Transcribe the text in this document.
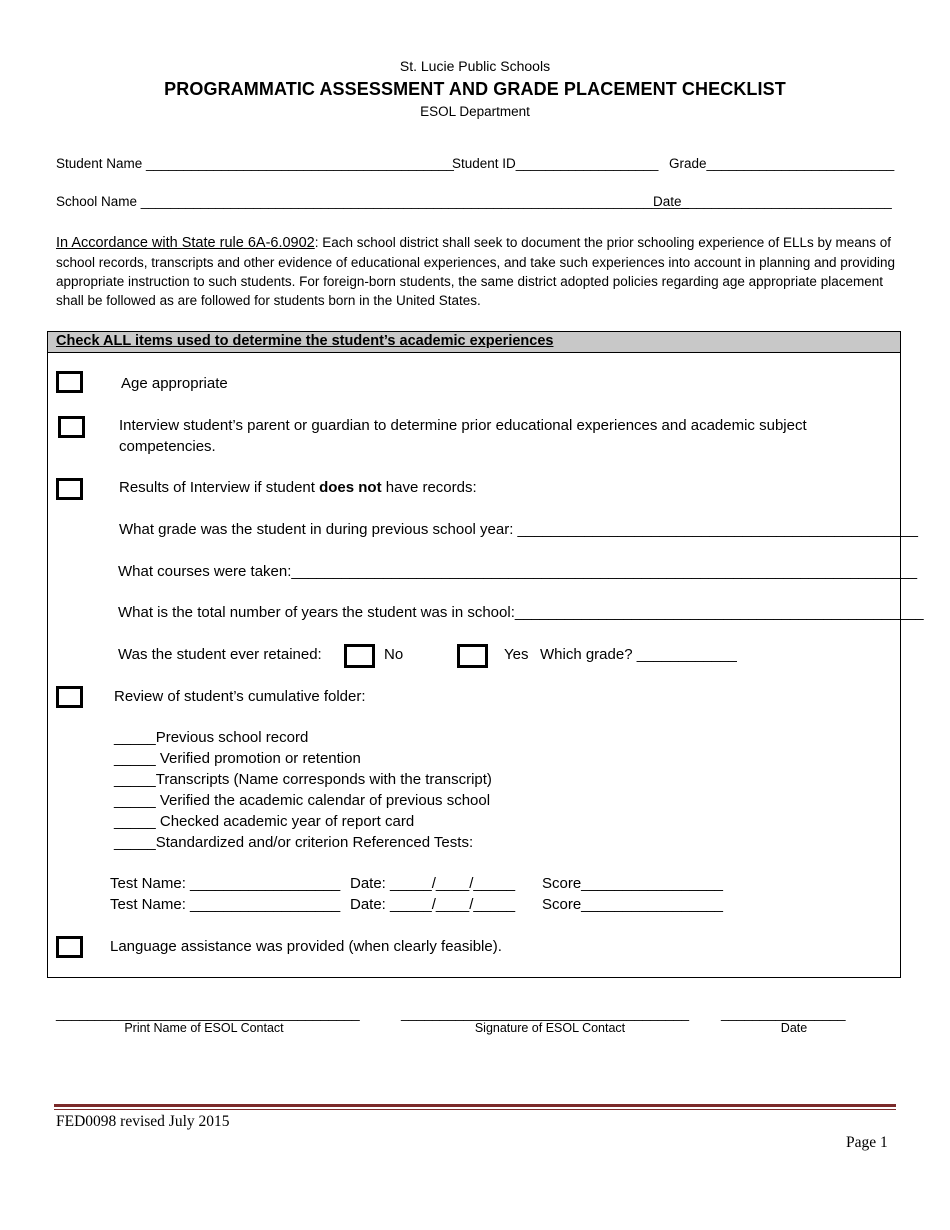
St. Lucie Public Schools
PROGRAMMATIC ASSESSMENT AND GRADE PLACEMENT CHECKLIST
ESOL Department
Student Name _________________________________________
Student ID___________________ Grade_________________________
School Name _________________________________________________________________________
Date____________________________
In Accordance with State rule 6A-6.0902: Each school district shall seek to document the prior schooling experience of ELLs by means of school records, transcripts and other evidence of educational experiences, and take such experiences into account in planning and providing appropriate instruction to such students. For foreign-born students, the same district adopted policies regarding age appropriate placement shall be followed as are followed for students born in the United States.
Check ALL items used to determine the student’s academic experiences
Age appropriate
Interview student’s parent or guardian to determine prior educational experiences and academic subject
competencies.
Results of Interview if student does not have records:
What grade was the student in during previous school year: ________________________________________________
What courses were taken:___________________________________________________________________________
What is the total number of years the student was in school:_________________________________________________
Was the student ever retained:	No	Yes Which grade? ____________
Review of student’s cumulative folder:
_____Previous school record
_____ Verified promotion or retention
_____Transcripts (Name corresponds with the transcript)
_____ Verified the academic calendar of previous school
_____ Checked academic year of report card
_____Standardized and/or criterion Referenced Tests:
Test Name: __________________ Date: _____/____/_____ Score_________________
Test Name: __________________ Date: _____/____/_____ Score_________________
Language assistance was provided (when clearly feasible).
_______________________________________	_____________________________________ ________________
Print Name of ESOL Contact	Signature of ESOL Contact	Date
FED0098 revised July 2015
Page 1
